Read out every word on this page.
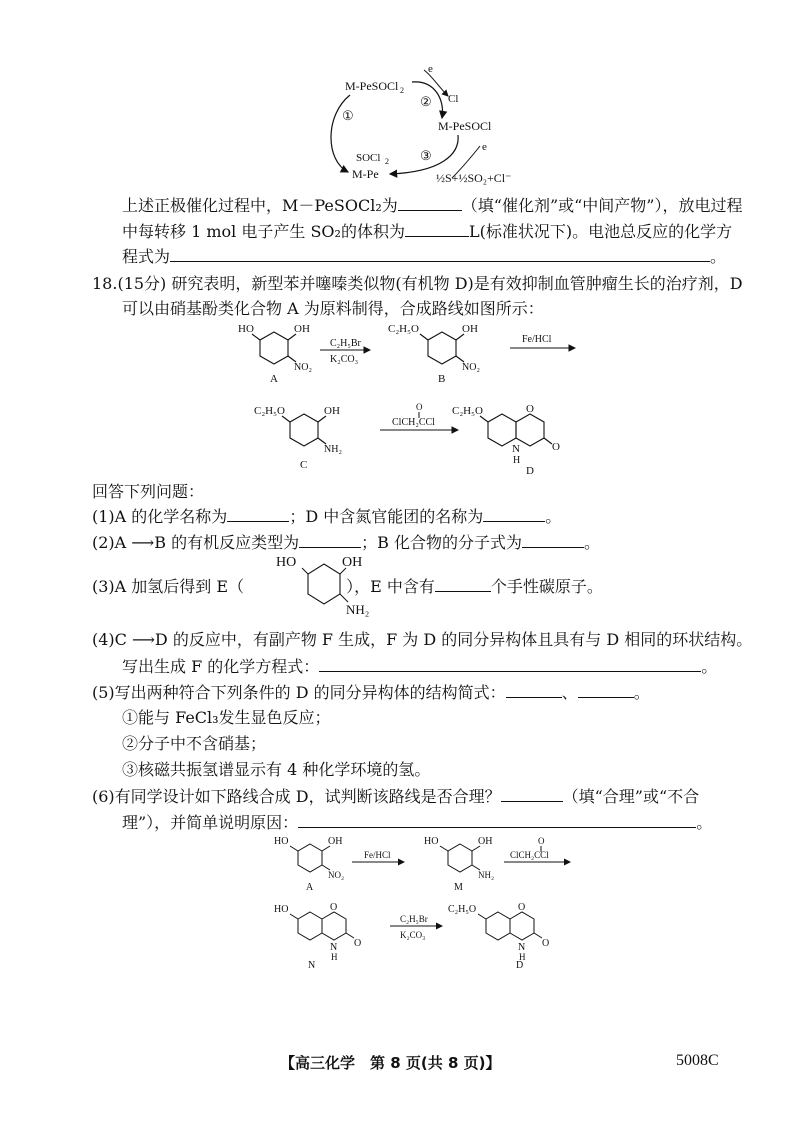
M-PeSOCl 2
e
② Cl
M-PeSOCl
e
①
SOCl 2
M-Pe
③
½S+½SO₂+Cl⁻
上述正极催化过程中，M－PeSOCl₂为	（填“催化剂”或“中间产物”），放电过程
中每转移 1 mol 电子产生 SO₂的体积为	L(标准状况下)。电池总反应的化学方
程式为	。
18.(15分) 研究表明，新型苯并噻嗪类似物(有机物 D)是有效抑制血管肿瘤生长的治疗剂，D
可以由硝基酚类化合物 A 为原料制得，合成路线如图所示：
HO	OH
NO₂
A
C₂H₅Br
K₂CO₃
C₂H₅O	OH
NO₂
B
Fe/HCl
C₂H₅O	OH
NH₂
C
O
ClCH₂CCl
C₂H₅O	O
N
H
O
D
回答下列问题：
(1)A 的化学名称为	；D 中含氮官能团的名称为	。
(2)A ⟶B 的有机反应类型为	；B 化合物的分子式为	。
(3)A 加氢后得到 E（	），E 中含有	个手性碳原子。
HO	OH
NH₂
(4)C ⟶D 的反应中，有副产物 F 生成，F 为 D 的同分异构体且具有与 D 相同的环状结构。
写出生成 F 的化学方程式：	。
(5)写出两种符合下列条件的 D 的同分异构体的结构简式：	、	。
①能与 FeCl₃发生显色反应；
②分子中不含硝基；
③核磁共振氢谱显示有 4 种化学环境的氢。
(6)有同学设计如下路线合成 D，试判断该路线是否合理？	（填“合理”或“不合
理”），并简单说明原因：	。
HO	OH
NO₂
A
Fe/HCl
HO	OH
NH₂
M
O
ClCH₂CCl
HO	O
N
H
O
N
C₂H₅Br
K₂CO₃
C₂H₅O	O
N
H
O
D
【高三化学　第 8 页(共 8 页)】	5008C
